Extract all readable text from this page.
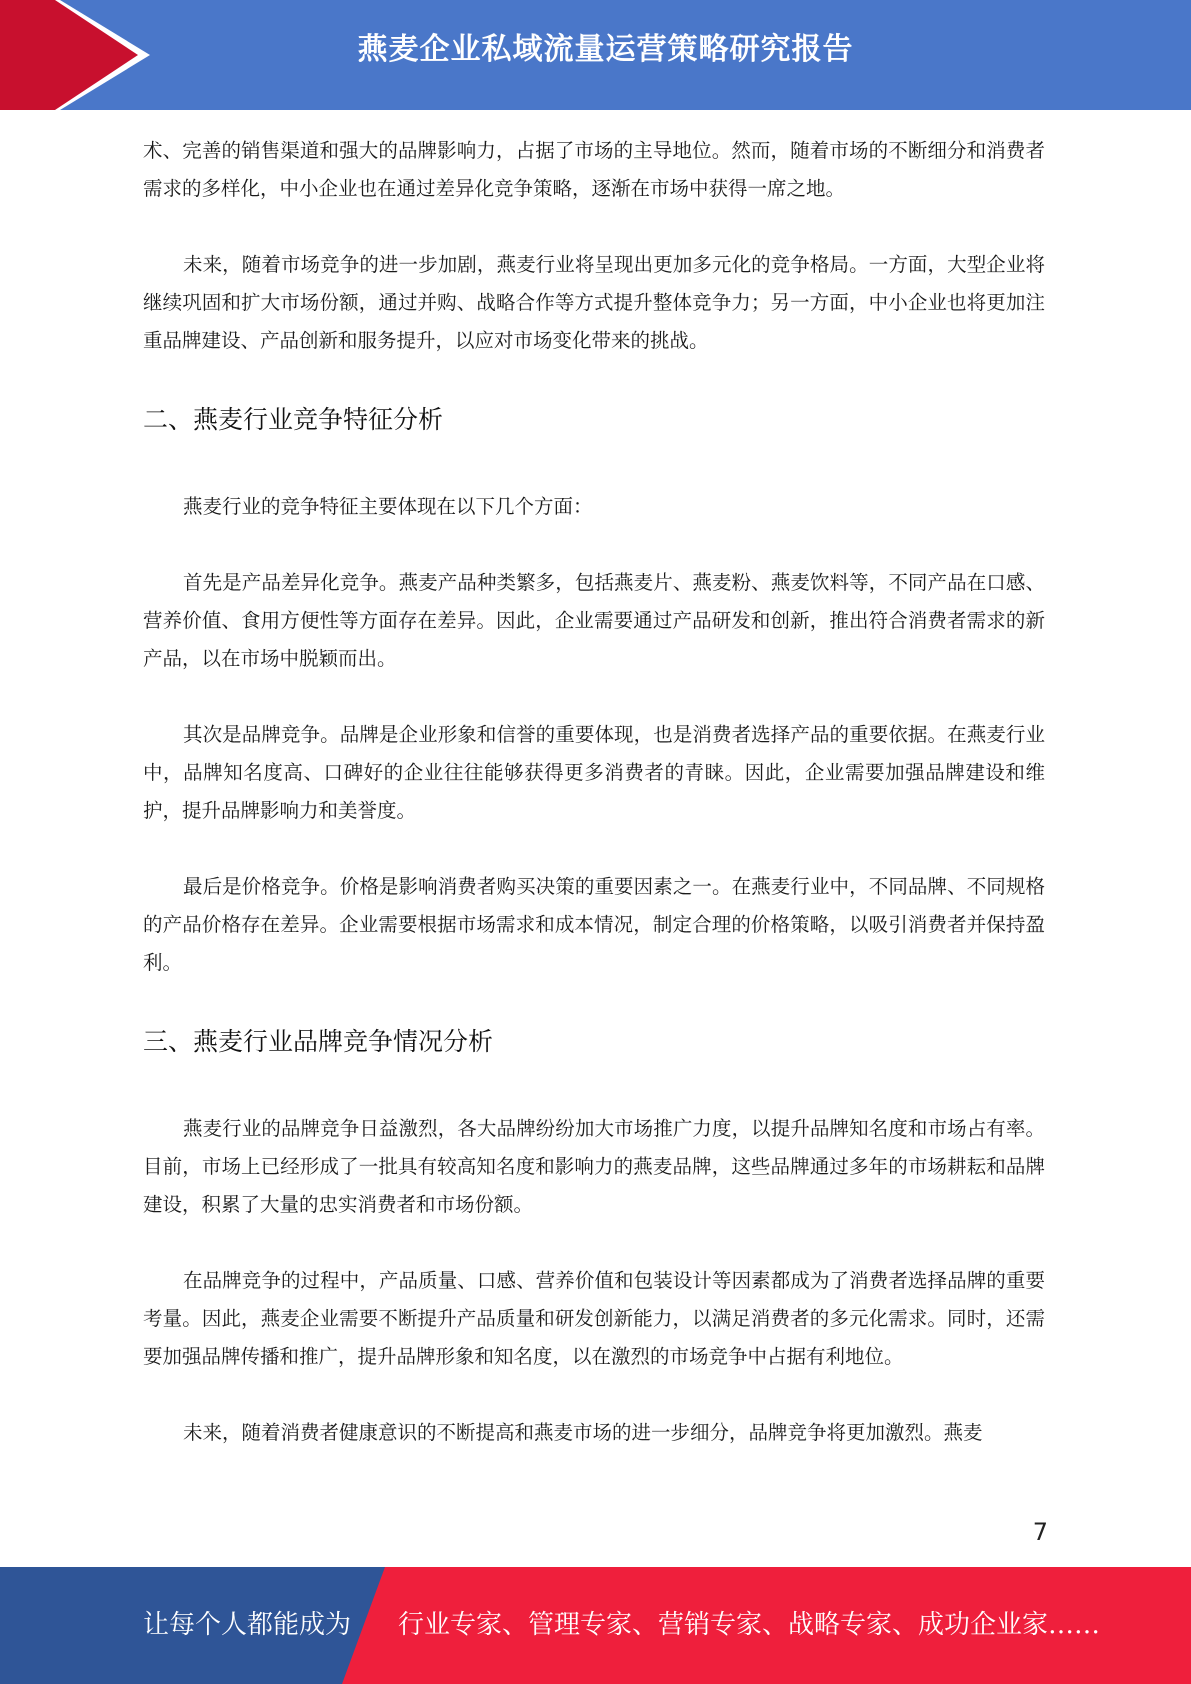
燕麦企业私域流量运营策略研究报告

术、完善的销售渠道和强大的品牌影响力，占据了市场的主导地位。然而，随着市场的不断细分和消费者需求的多样化，中小企业也在通过差异化竞争策略，逐渐在市场中获得一席之地。

未来，随着市场竞争的进一步加剧，燕麦行业将呈现出更加多元化的竞争格局。一方面，大型企业将继续巩固和扩大市场份额，通过并购、战略合作等方式提升整体竞争力；另一方面，中小企业也将更加注重品牌建设、产品创新和服务提升，以应对市场变化带来的挑战。

二、燕麦行业竞争特征分析

燕麦行业的竞争特征主要体现在以下几个方面：

首先是产品差异化竞争。燕麦产品种类繁多，包括燕麦片、燕麦粉、燕麦饮料等，不同产品在口感、营养价值、食用方便性等方面存在差异。因此，企业需要通过产品研发和创新，推出符合消费者需求的新产品，以在市场中脱颖而出。

其次是品牌竞争。品牌是企业形象和信誉的重要体现，也是消费者选择产品的重要依据。在燕麦行业中，品牌知名度高、口碑好的企业往往能够获得更多消费者的青睐。因此，企业需要加强品牌建设和维护，提升品牌影响力和美誉度。

最后是价格竞争。价格是影响消费者购买决策的重要因素之一。在燕麦行业中，不同品牌、不同规格的产品价格存在差异。企业需要根据市场需求和成本情况，制定合理的价格策略，以吸引消费者并保持盈利。

三、燕麦行业品牌竞争情况分析

燕麦行业的品牌竞争日益激烈，各大品牌纷纷加大市场推广力度，以提升品牌知名度和市场占有率。目前，市场上已经形成了一批具有较高知名度和影响力的燕麦品牌，这些品牌通过多年的市场耕耘和品牌建设，积累了大量的忠实消费者和市场份额。

在品牌竞争的过程中，产品质量、口感、营养价值和包装设计等因素都成为了消费者选择品牌的重要考量。因此，燕麦企业需要不断提升产品质量和研发创新能力，以满足消费者的多元化需求。同时，还需要加强品牌传播和推广，提升品牌形象和知名度，以在激烈的市场竞争中占据有利地位。

未来，随着消费者健康意识的不断提高和燕麦市场的进一步细分，品牌竞争将更加激烈。燕麦

7
让每个人都能成为 行业专家、管理专家、营销专家、战略专家、成功企业家……
